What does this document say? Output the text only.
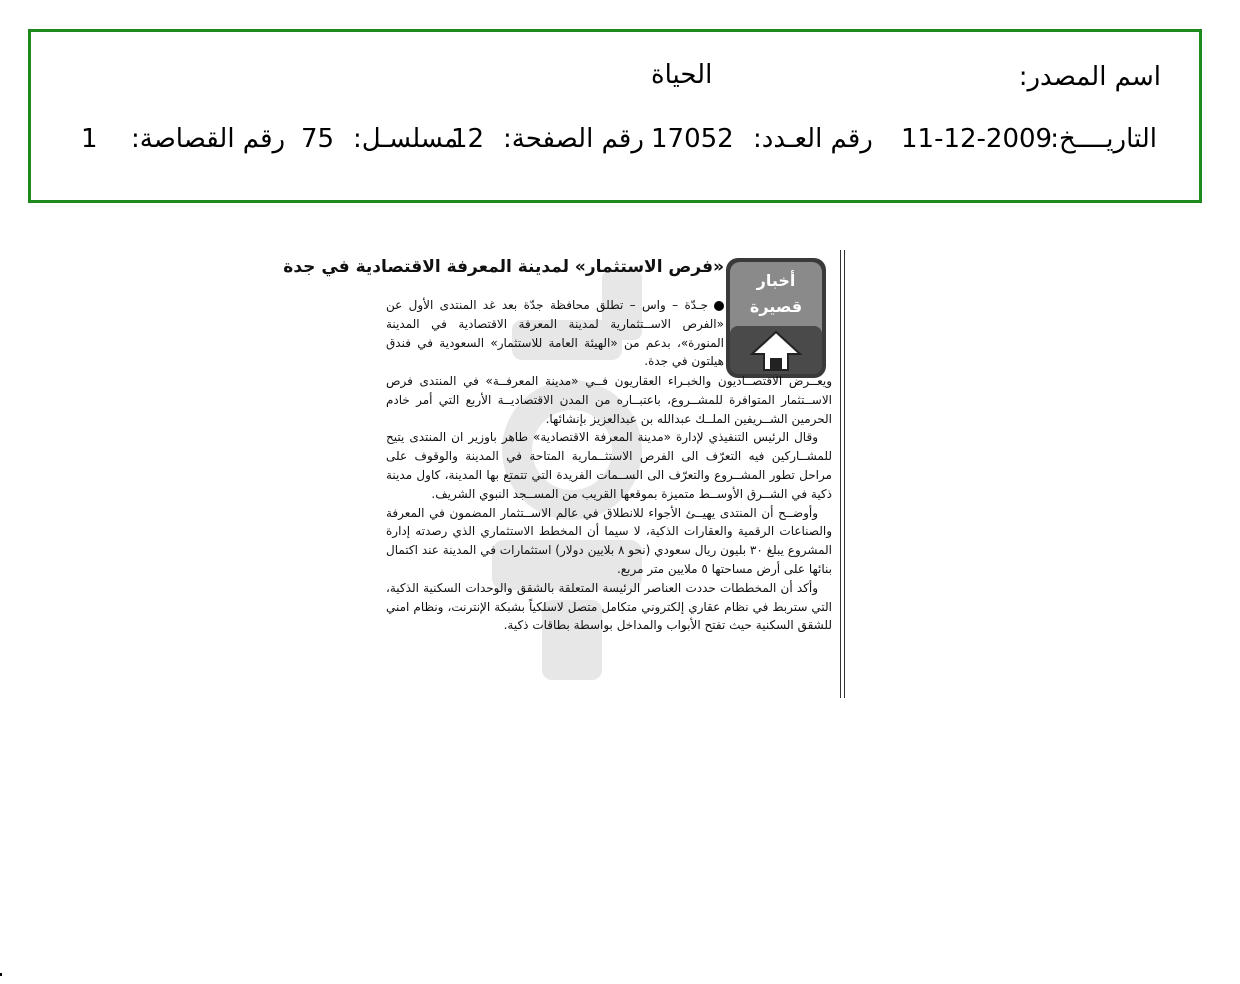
اسم المصدر:
الحياة
التاريــــخ:
11-12-2009
رقم العـدد:
17052
رقم الصفحة:
12
مسلسـل:
75
رقم القصاصة:
1
أخبار
قصيرة
«فرص الاستثمار» لمدينة المعرفة الاقتصادية في جدة

جـدّة – واس – تطلق محافظة جدّة بعد غد المنتدى الأول عن «الفرص الاســتثمارية لمدينة المعرفة الاقتصادية في المدينة المنورة»، بدعم من «الهيئة العامة للاستثمار» السعودية في فندق هيلتون في جدة.

ويعــرض الاقتصــاديون والخبـراء العقاريون فــي «مدينة المعرفــة» في المنتدى فرص الاســتثمار المتوافرة للمشــروع، باعتبــاره من المدن الاقتصاديــة الأربع التي أمر خادم الحرمين الشــريفين الملــك عبدالله بن عبدالعزيز بإنشائها.

وقال الرئيس التنفيذي لإدارة «مدينة المعرفة الاقتصادية» طاهر باوزير ان المنتدى يتيح للمشــاركين فيه التعرّف الى الفرص الاستثــمارية المتاحة في المدينة والوقوف على مراحل تطور المشــروع والتعرّف الى الســمات الفريدة التي تتمتع بها المدينة، كاول مدينة ذكية في الشــرق الأوســط متميزة بموقعها القريب من المســجد النبوي الشريف.

وأوضــح أن المنتدى يهيــئ الأجواء للانطلاق في عالم الاســتثمار المضمون في المعرفة والصناعات الرقمية والعقارات الذكية، لا سيما أن المخطط الاستثماري الذي رصدته إدارة المشروع يبلغ ٣٠ بليون ريال سعودي (نحو ٨ بلايين دولار) استثمارات في المدينة عند اكتمال بنائها على أرض مساحتها ٥ ملايين متر مربع.

وأكد أن المخططات حددت العناصر الرئيسة المتعلقة بالشقق والوحدات السكنية الذكية، التي ستربط في نظام عقاري إلكتروني متكامل متصل لاسلكياً بشبكة الإنترنت، ونظام امني للشقق السكنية حيث تفتح الأبواب والمداخل بواسطة بطاقات ذكية.
